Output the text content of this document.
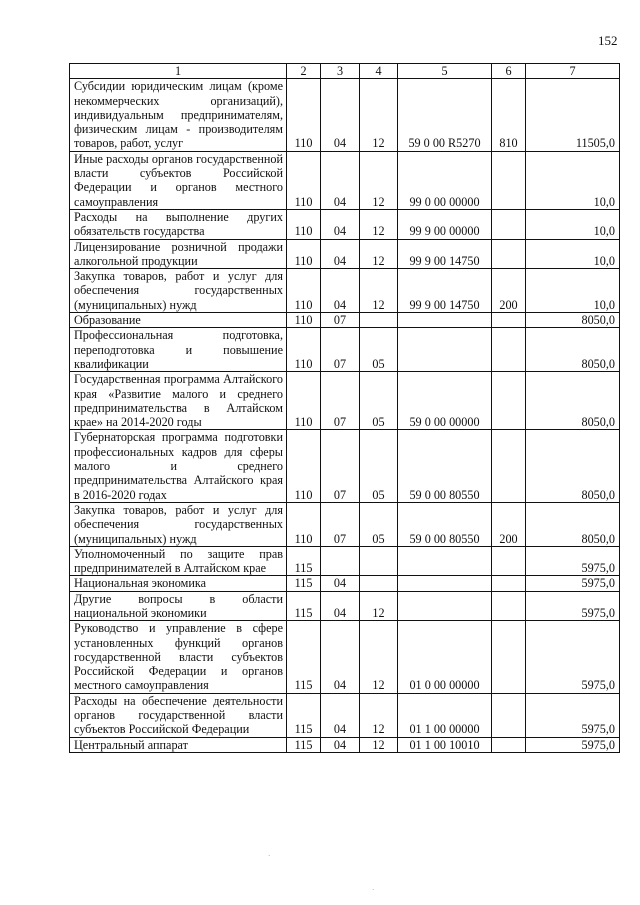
152
1	2	3	4	5	6	7
Субсидии юридическим лицам (кроме некоммерческих организаций), индивидуальным предпринимателям, физическим лицам - производителям товаров, работ, услуг	110	04	12	59 0 00 R5270	810	11505,0
Иные расходы органов государственной власти субъектов Российской Федерации и органов местного самоуправления	110	04	12	99 0 00 00000		10,0
Расходы на выполнение других обязательств государства	110	04	12	99 9 00 00000		10,0
Лицензирование розничной продажи алкогольной продукции	110	04	12	99 9 00 14750		10,0
Закупка товаров, работ и услуг для обеспечения государственных (муниципальных) нужд	110	04	12	99 9 00 14750	200	10,0
Образование	110	07				8050,0
Профессиональная подготовка, переподготовка и повышение квалификации	110	07	05			8050,0
Государственная программа Алтайского края «Развитие малого и среднего предпринимательства в Алтайском крае» на 2014-2020 годы	110	07	05	59 0 00 00000		8050,0
Губернаторская программа подготовки профессиональных кадров для сферы малого и среднего предпринимательства Алтайского края в 2016-2020 годах	110	07	05	59 0 00 80550		8050,0
Закупка товаров, работ и услуг для обеспечения государственных (муниципальных) нужд	110	07	05	59 0 00 80550	200	8050,0
Уполномоченный по защите прав предпринимателей в Алтайском крае	115					5975,0
Национальная экономика	115	04				5975,0
Другие вопросы в области национальной экономики	115	04	12			5975,0
Руководство и управление в сфере установленных функций органов государственной власти субъектов Российской Федерации и органов местного самоуправления	115	04	12	01 0 00 00000		5975,0
Расходы на обеспечение деятельности органов государственной власти субъектов Российской Федерации	115	04	12	01 1 00 00000		5975,0
Центральный аппарат	115	04	12	01 1 00 10010		5975,0
·
·
